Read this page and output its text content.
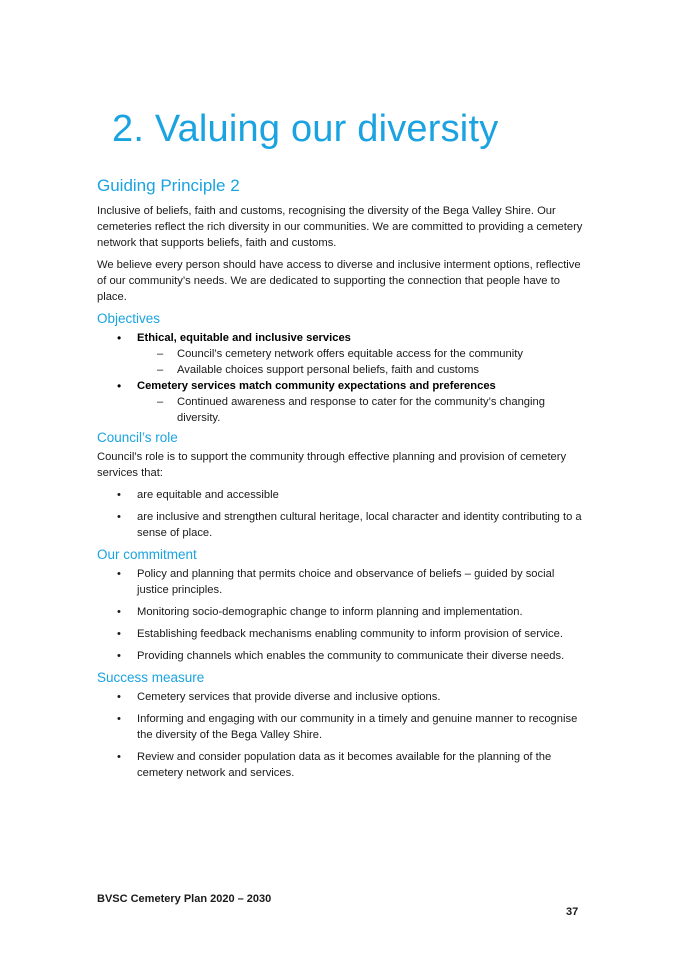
2. Valuing our diversity
Guiding Principle 2

Inclusive of beliefs, faith and customs, recognising the diversity of the Bega Valley Shire. Our cemeteries reflect the rich diversity in our communities. We are committed to providing a cemetery network that supports beliefs, faith and customs.

We believe every person should have access to diverse and inclusive interment options, reflective of our community’s needs. We are dedicated to supporting the connection that people have to place.

Objectives
• Ethical, equitable and inclusive services
– Council’s cemetery network offers equitable access for the community
– Available choices support personal beliefs, faith and customs
• Cemetery services match community expectations and preferences
– Continued awareness and response to cater for the community’s changing diversity.
Council’s role

Council’s role is to support the community through effective planning and provision of cemetery services that:

• are equitable and accessible
• are inclusive and strengthen cultural heritage, local character and identity contributing to a sense of place.
Our commitment
• Policy and planning that permits choice and observance of beliefs – guided by social justice principles.
• Monitoring socio-demographic change to inform planning and implementation.
• Establishing feedback mechanisms enabling community to inform provision of service.
• Providing channels which enables the community to communicate their diverse needs.
Success measure
• Cemetery services that provide diverse and inclusive options.
• Informing and engaging with our community in a timely and genuine manner to recognise the diversity of the Bega Valley Shire.
• Review and consider population data as it becomes available for the planning of the cemetery network and services.
BVSC Cemetery Plan 2020 – 2030
37
